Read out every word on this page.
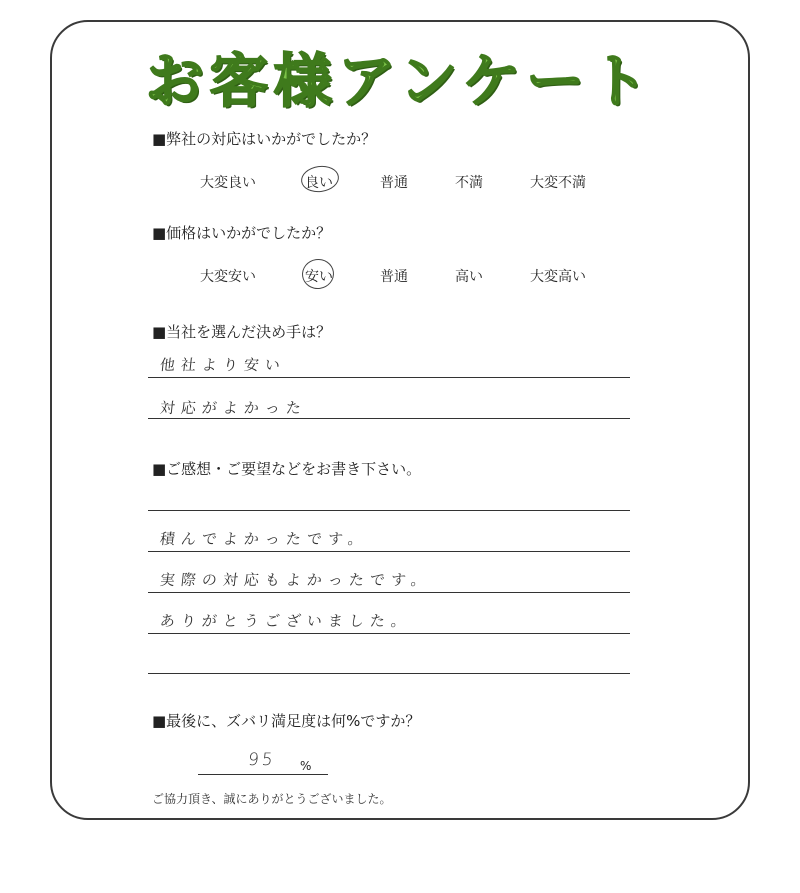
お客様アンケート
■弊社の対応はいかがでしたか？
大変良い	良い	普通	不満	大変不満
■価格はいかがでしたか？
大変安い	安い	普通	高い	大変高い
■当社を選んだ決め手は？
他社より安い
対応がよかった
■ご感想・ご要望などをお書き下さい。
積んでよかったです。
実際の対応もよかったです。
ありがとうございました。
■最後に、ズバリ満足度は何%ですか？
95 %
ご協力頂き、誠にありがとうございました。
